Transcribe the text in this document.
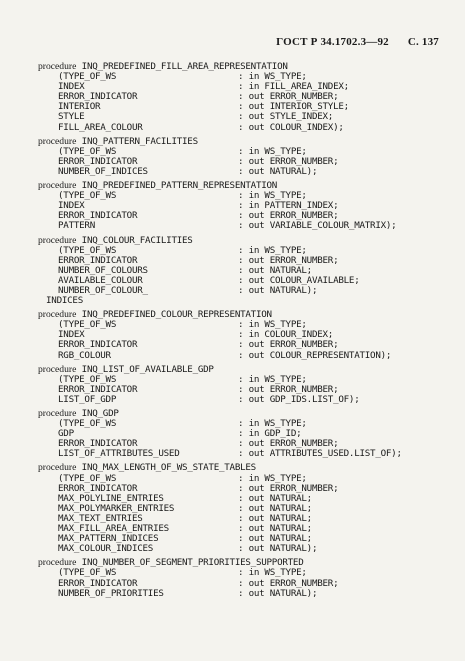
ГОСТ Р 34.1702.3—92 С. 137
procedure INQ_PREDEFINED_FILL_AREA_REPRESENTATION
(TYPE_OF_WS	: in WS_TYPE;
INDEX	: in FILL_AREA_INDEX;
ERROR_INDICATOR	: out ERROR_NUMBER;
INTERIOR	: out INTERIOR_STYLE;
STYLE	: out STYLE_INDEX;
FILL_AREA_COLOUR	: out COLOUR_INDEX);
procedure INQ_PATTERN_FACILITIES
(TYPE_OF_WS	: in WS_TYPE;
ERROR_INDICATOR	: out ERROR_NUMBER;
NUMBER_OF_INDICES	: out NATURAL);
procedure INQ_PREDEFINED_PATTERN_REPRESENTATION
(TYPE_OF_WS	: in WS_TYPE;
INDEX	: in PATTERN_INDEX;
ERROR_INDICATOR	: out ERROR_NUMBER;
PATTERN	: out VARIABLE_COLOUR_MATRIX);
procedure INQ_COLOUR_FACILITIES
(TYPE_OF_WS	: in WS_TYPE;
ERROR_INDICATOR	: out ERROR_NUMBER;
NUMBER_OF_COLOURS	: out NATURAL;
AVAILABLE_COLOUR	: out COLOUR_AVAILABLE;
NUMBER_OF_COLOUR_	: out NATURAL);
INDICES
procedure INQ_PREDEFINED_COLOUR_REPRESENTATION
(TYPE_OF_WS	: in WS_TYPE;
INDEX	: in COLOUR_INDEX;
ERROR_INDICATOR	: out ERROR_NUMBER;
RGB_COLOUR	: out COLOUR_REPRESENTATION);
procedure INQ_LIST_OF_AVAILABLE_GDP
(TYPE_OF_WS	: in WS_TYPE;
ERROR_INDICATOR	: out ERROR_NUMBER;
LIST_OF_GDP	: out GDP_IDS.LIST_OF);
procedure INQ_GDP
(TYPE_OF_WS	: in WS_TYPE;
GDP	: in GDP_ID;
ERROR_INDICATOR	: out ERROR_NUMBER;
LIST_OF_ATTRIBUTES_USED	: out ATTRIBUTES_USED.LIST_OF);
procedure INQ_MAX_LENGTH_OF_WS_STATE_TABLES
(TYPE_OF_WS	: in WS_TYPE;
ERROR_INDICATOR	: out ERROR_NUMBER;
MAX_POLYLINE_ENTRIES	: out NATURAL;
MAX_POLYMARKER_ENTRIES	: out NATURAL;
MAX_TEXT_ENTRIES	: out NATURAL;
MAX_FILL_AREA_ENTRIES	: out NATURAL;
MAX_PATTERN_INDICES	: out NATURAL;
MAX_COLOUR_INDICES	: out NATURAL);
procedure INQ_NUMBER_OF_SEGMENT_PRIORITIES_SUPPORTED
(TYPE_OF_WS	: in WS_TYPE;
ERROR_INDICATOR	: out ERROR_NUMBER;
NUMBER_OF_PRIORITIES	: out NATURAL);
